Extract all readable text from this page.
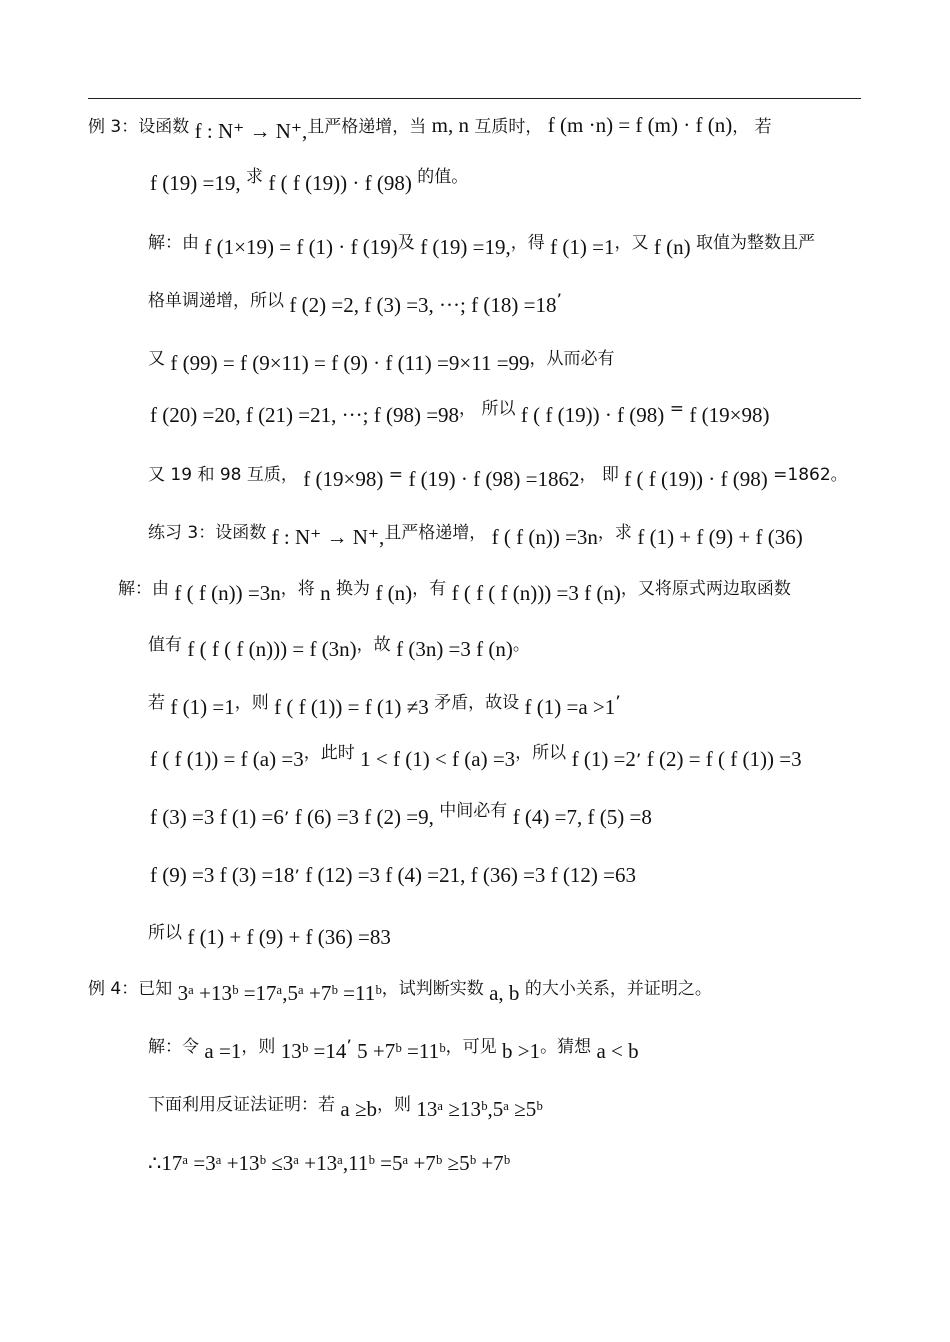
例 3：设函数 f : N⁺ → N⁺,且严格递增，当 m, n 互质时， f (m ·n) = f (m) · f (n)， 若
f (19) =19, 求 f ( f (19)) · f (98) 的值。
解：由 f (1×19) = f (1) · f (19)及 f (19) =19,，得 f (1) =1，又 f (n) 取值为整数且严
格单调递增，所以 f (2) =2, f (3) =3, ···; f (18) =18’
又 f (99) = f (9×11) = f (9) · f (11) =9×11 =99，从而必有
f (20) =20, f (21) =21, ···; f (98) =98， 所以 f ( f (19)) · f (98) = f (19×98)
又 19 和 98 互质， f (19×98) = f (19) · f (98) =1862， 即 f ( f (19)) · f (98) =1862。
练习 3：设函数 f : N⁺ → N⁺,且严格递增， f ( f (n)) =3n，求 f (1) + f (9) + f (36)
解：由 f ( f (n)) =3n，将 n 换为 f (n)，有 f ( f ( f (n))) =3 f (n)，又将原式两边取函数
值有 f ( f ( f (n))) = f (3n)，故 f (3n) =3 f (n)。
若 f (1) =1，则 f ( f (1)) = f (1) ≠3 矛盾，故设 f (1) =a >1’
f ( f (1)) = f (a) =3，此时 1 < f (1) < f (a) =3，所以 f (1) =2’ f (2) = f ( f (1)) =3
f (3) =3 f (1) =6’ f (6) =3 f (2) =9, 中间必有 f (4) =7, f (5) =8
f (9) =3 f (3) =18’ f (12) =3 f (4) =21, f (36) =3 f (12) =63
所以 f (1) + f (9) + f (36) =83
例 4：已知 3ᵃ +13ᵇ =17ᵃ,5ᵃ +7ᵇ =11ᵇ，试判断实数 a, b 的大小关系，并证明之。
解：令 a =1，则 13ᵇ =14’ 5 +7ᵇ =11ᵇ，可见 b >1。猜想 a < b
下面利用反证法证明：若 a ≥b，则 13ᵃ ≥13ᵇ,5ᵃ ≥5ᵇ
∴17ᵃ =3ᵃ +13ᵇ ≤3ᵃ +13ᵃ,11ᵇ =5ᵃ +7ᵇ ≥5ᵇ +7ᵇ
